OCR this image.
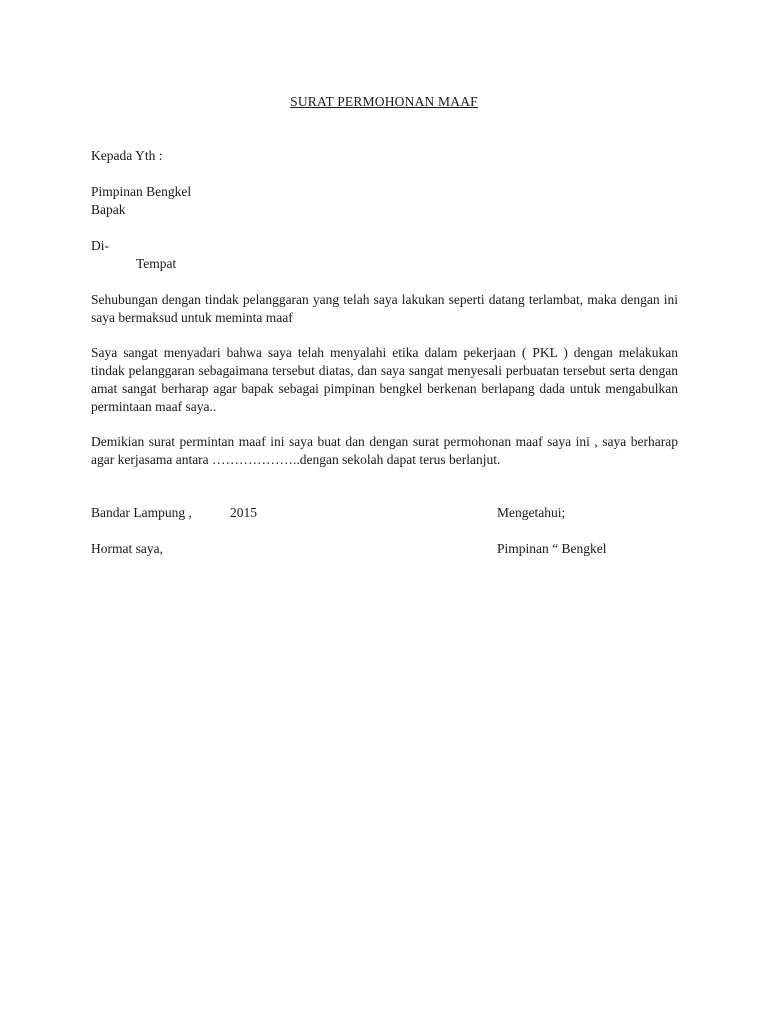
SURAT PERMOHONAN MAAF
Kepada Yth :
Pimpinan Bengkel
Bapak
Di-
Tempat
Sehubungan dengan tindak pelanggaran yang telah saya lakukan seperti datang terlambat, maka dengan ini saya bermaksud untuk meminta maaf
Saya sangat menyadari bahwa saya telah menyalahi etika dalam pekerjaan ( PKL ) dengan melakukan tindak pelanggaran sebagaimana tersebut diatas, dan saya sangat menyesali perbuatan tersebut serta dengan amat sangat berharap agar bapak sebagai pimpinan bengkel berkenan berlapang dada untuk mengabulkan permintaan maaf saya..
Demikian surat permintan maaf ini saya buat dan dengan surat permohonan maaf saya ini , saya berharap agar kerjasama antara ………………..dengan sekolah dapat terus berlanjut.
Bandar Lampung ,	2015	Mengetahui;
Hormat saya,	Pimpinan “ Bengkel
